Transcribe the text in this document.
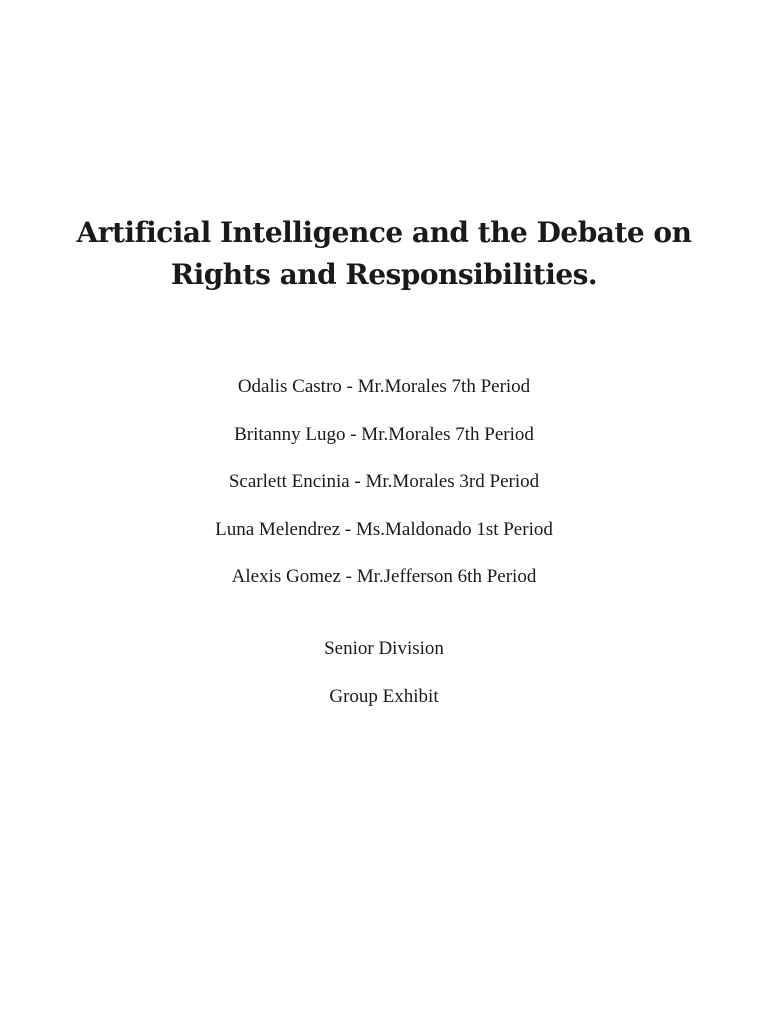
Artificial Intelligence and the Debate on
Rights and Responsibilities.
Odalis Castro - Mr.Morales 7th Period
Britanny Lugo - Mr.Morales 7th Period
Scarlett Encinia - Mr.Morales 3rd Period
Luna Melendrez - Ms.Maldonado 1st Period
Alexis Gomez - Mr.Jefferson 6th Period
Senior Division
Group Exhibit
